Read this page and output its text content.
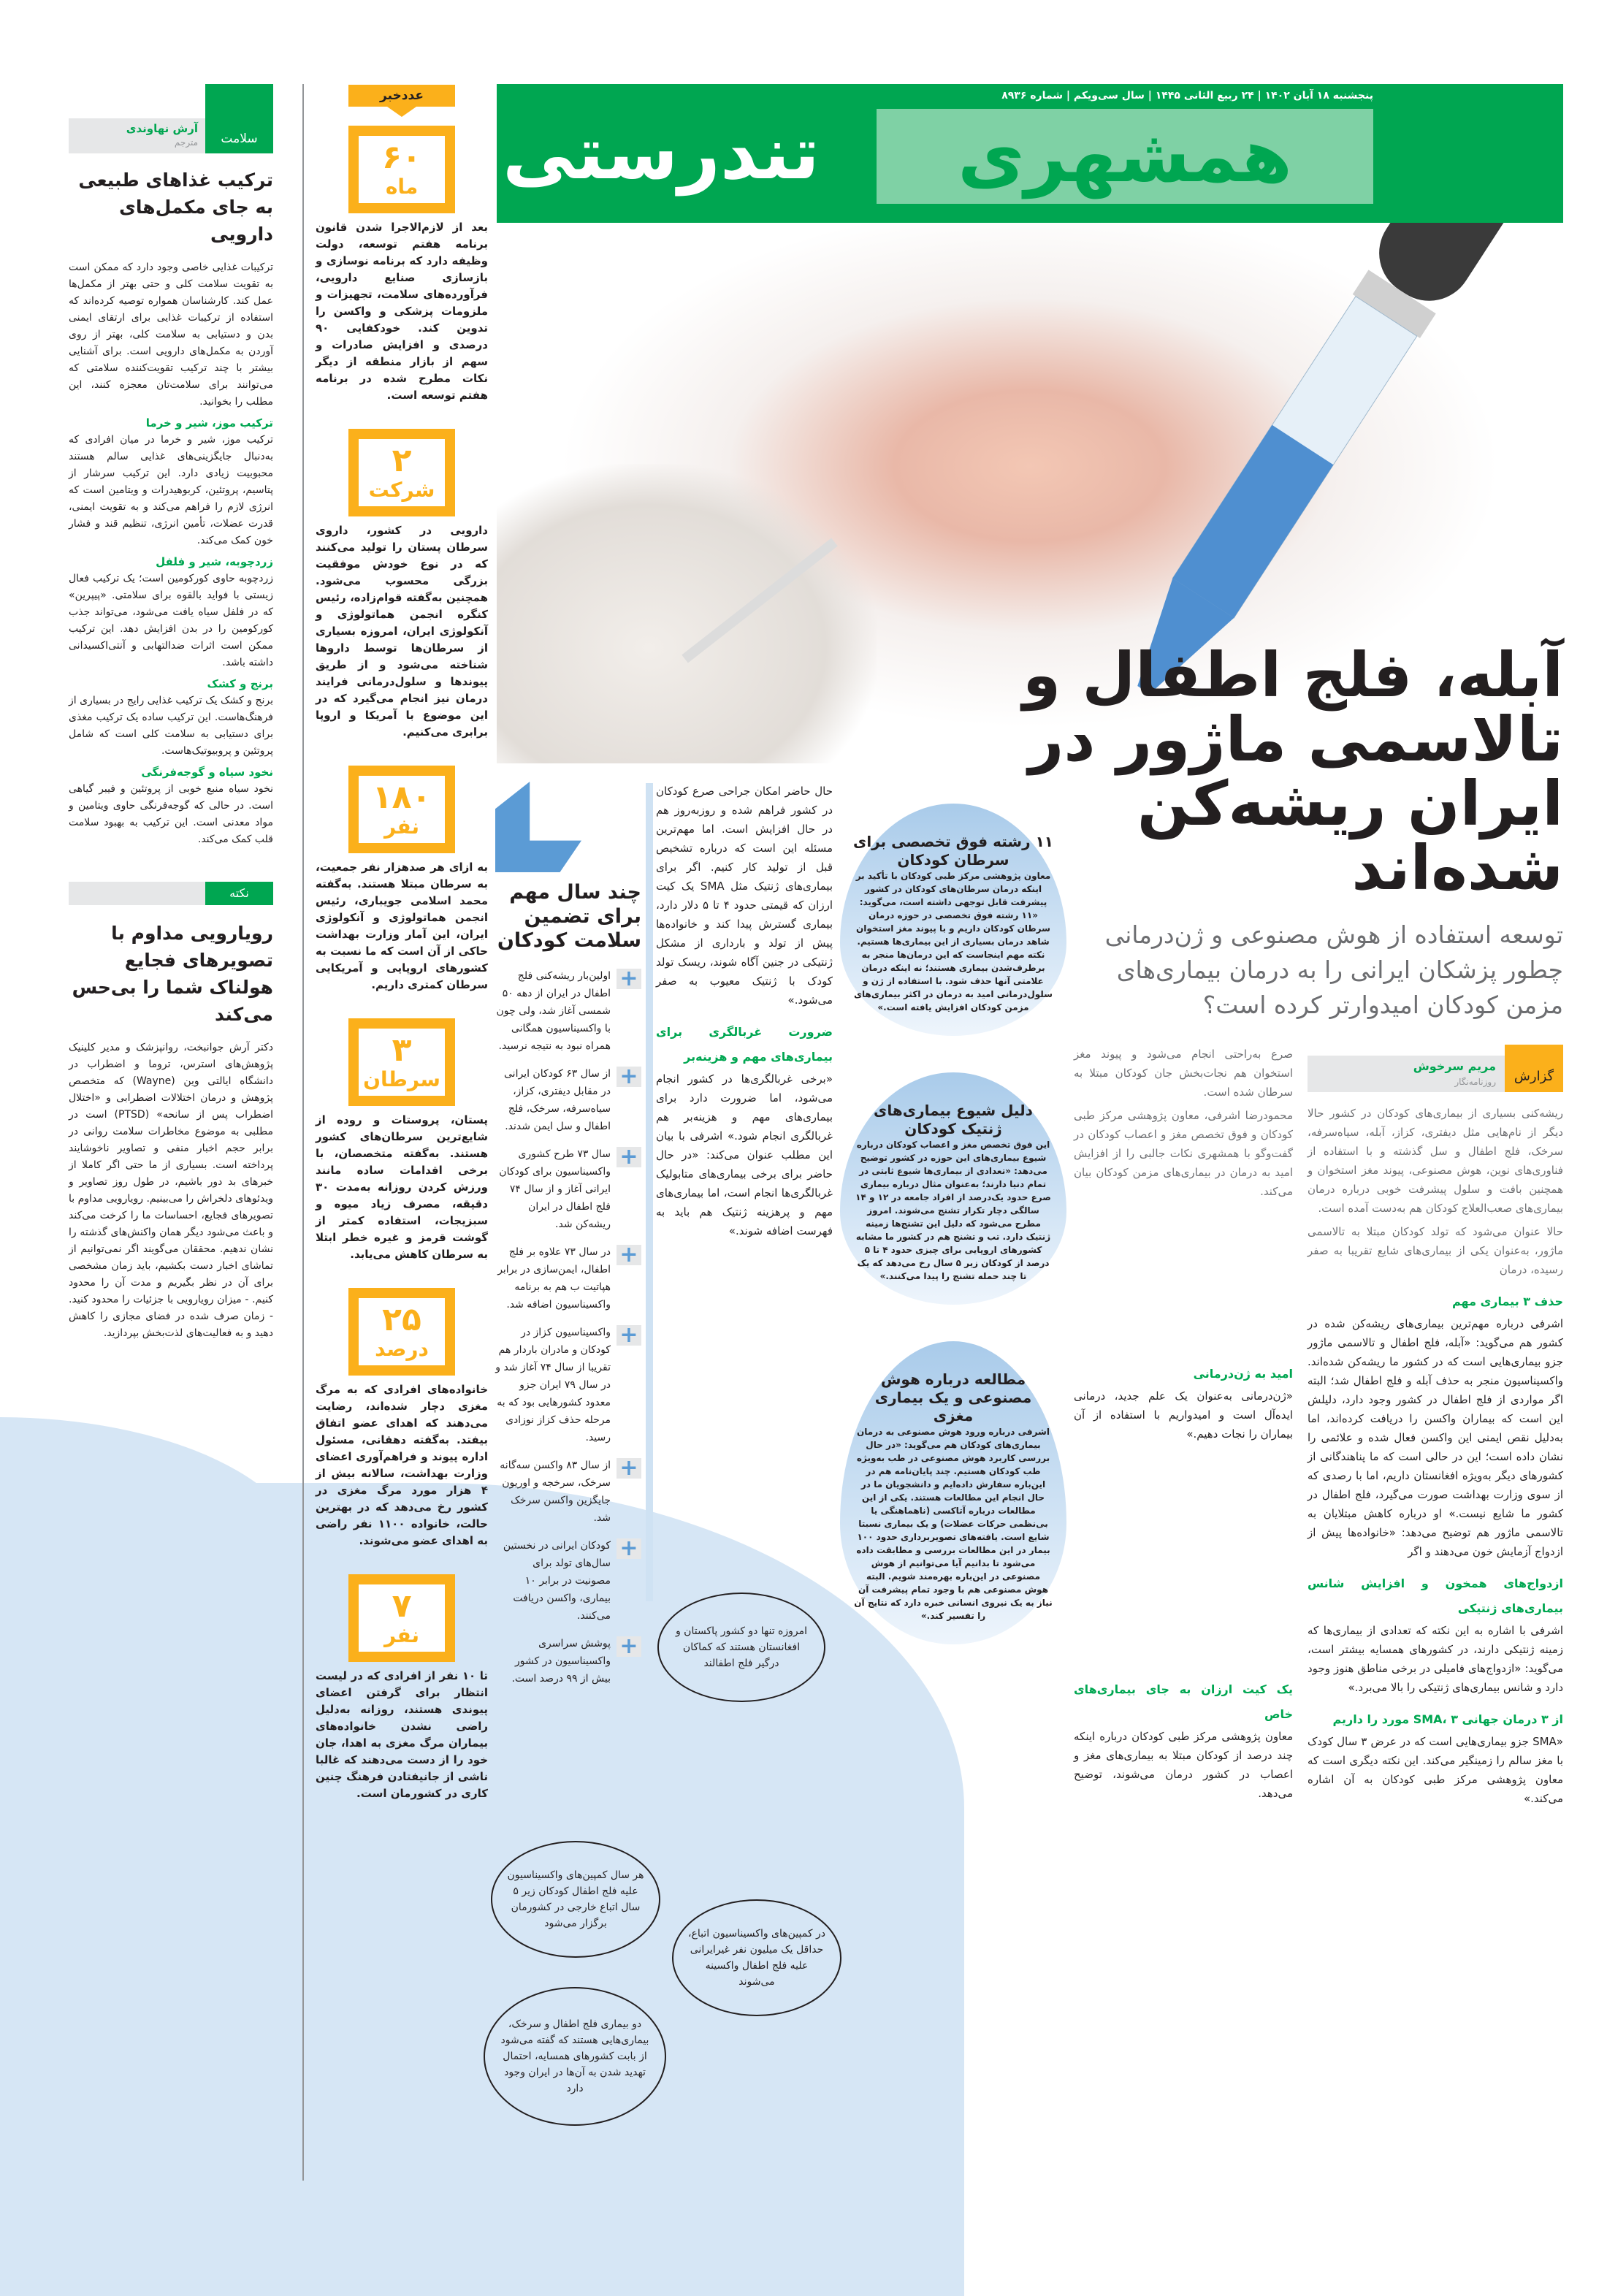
سلامت
آرش نهاوندی
مترجم
ترکیب غذاهای طبیعی به جای مکمل‌های دارویی

ترکیبات غذایی خاصی وجود دارد که ممکن است به تقویت سلامت کلی و حتی بهتر از مکمل‌ها عمل کند. کارشناسان همواره توصیه کرده‌اند که استفاده از ترکیبات غذایی برای ارتقای ایمنی بدن و دستیابی به سلامت کلی، بهتر از روی آوردن به مکمل‌های دارویی است. برای آشنایی بیشتر با چند ترکیب تقویت‌کننده سلامتی که می‌توانند برای سلامت‌تان معجزه کنند، این مطلب را بخوانید.

ترکیب موز، شیر و خرما

ترکیب موز، شیر و خرما در میان افرادی که به‌دنبال جایگزینی‌های غذایی سالم هستند محبوبیت زیادی دارد. این ترکیب سرشار از پتاسیم، پروتئین، کربوهیدرات و ویتامین است که انرژی لازم را فراهم می‌کند و به تقویت ایمنی، قدرت عضلات، تأمین انرژی، تنظیم قند و فشار خون کمک می‌کند.

زردچوبه، شیر و فلفل

زردچوبه حاوی کورکومین است؛ یک ترکیب فعال زیستی با فواید بالقوه برای سلامتی. «پیپرین» که در فلفل سیاه یافت می‌شود، می‌تواند جذب کورکومین را در بدن افزایش دهد. این ترکیب ممکن است اثرات ضدالتهابی و آنتی‌اکسیدانی داشته باشد.

برنج و کشک

برنج و کشک یک ترکیب غذایی رایج در بسیاری از فرهنگ‌هاست. این ترکیب ساده یک ترکیب مغذی برای دستیابی به سلامت کلی است که شامل پروتئین و پروبیوتیک‌هاست.

نخود سیاه و گوجه‌فرنگی

نخود سیاه منبع خوبی از پروتئین و فیبر گیاهی است. در حالی که گوجه‌فرنگی حاوی ویتامین و مواد معدنی است. این ترکیب به بهبود سلامت قلب کمک می‌کند.

نکته
رویارویی مداوم با تصویرهای فجایع هولناک شما را بی‌حس می‌کند

دکتر آرش جوانبخت، روانپزشک و مدیر کلینیک پژوهش‌های استرس، تروما و اضطراب در دانشگاه ایالتی وین (Wayne) که متخصص پژوهش و درمان اختلالات اضطرابی و «اختلال اضطراب پس از سانحه» (PTSD) است در مطلبی به موضوع مخاطرات سلامت روانی در برابر حجم اخبار منفی و تصاویر ناخوشایند پرداخته است. بسیاری از ما حتی اگر کاملا از خبرهای بد دور باشیم، در طول روز تصاویر و ویدئوهای دلخراش را می‌بینیم. رویارویی مداوم با تصویرهای فجایع، احساسات ما را کرخت می‌کند و باعث می‌شود دیگر همان واکنش‌های گذشته را نشان ندهیم. محققان می‌گویند اگر نمی‌توانیم از تماشای اخبار دست بکشیم، باید زمان مشخصی برای آن در نظر بگیریم و مدت آن را محدود کنیم. - میزان رویارویی با جزئیات را محدود کنید. - زمان صرف شده در فضای مجازی را کاهش دهید و به فعالیت‌های لذت‌بخش بپردازید.

عددخبر
۶۰
ماه
بعد از لازم‌الاجرا شدن قانون برنامه هفتم توسعه، دولت وظیفه دارد که برنامه نوسازی و بازسازی صنایع دارویی، فرآورده‌های سلامت، تجهیزات و ملزومات پزشکی و واکسن را تدوین کند. خودکفایی ۹۰ درصدی و افزایش صادرات و سهم از بازار منطقه از دیگر نکات مطرح شده در برنامه هفتم توسعه است.
۲
شرکت
دارویی در کشور، داروی سرطان پستان را تولید می‌کنند که در نوع خودش موفقیت بزرگی محسوب می‌شود. همچنین به‌گفته قوام‌زاده، رئیس کنگره انجمن هماتولوژی و آنکولوژی ایران، امروزه بسیاری از سرطان‌ها توسط داروها شناخته می‌شود و از طریق پیوندها و سلول‌درمانی فرایند درمان نیز انجام می‌گیرد که در این موضوع با آمریکا و اروپا برابری می‌کنیم.
۱۸۰
نفر
به ازای هر صدهزار نفر جمعیت، به سرطان مبتلا هستند. به‌گفته محمد اسلامی جویباری، رئیس انجمن هماتولوژی و آنکولوژی ایران، این آمار وزارت بهداشت حاکی از آن است که ما نسبت به کشورهای اروپایی و آمریکایی سرطان کمتری داریم.
۳
سرطان
پستان، پروستات و روده از شایع‌ترین سرطان‌های کشور هستند. به‌گفته متخصصان، با برخی اقدامات ساده مانند ورزش کردن روزانه به‌مدت ۳۰ دقیقه، مصرف زیاد میوه و سبزیجات، استفاده کمتر از گوشت قرمز و غیره خطر ابتلا به سرطان کاهش می‌یابد.
۲۵
درصد
خانواده‌های افرادی که به مرگ مغزی دچار شده‌اند، رضایت می‌دهند که اهدای عضو اتفاق بیفتد. به‌گفته دهقانی، مسئول اداره پیوند و فراهم‌آوری اعضای وزارت بهداشت، سالانه بیش از ۴ هزار مورد مرگ مغزی در کشور رخ می‌دهد که در بهترین حالت، خانواده ۱۱۰۰ نفر راضی به اهدای عضو می‌شوند.
۷
نفر
تا ۱۰ نفر از افرادی که در لیست انتظار برای گرفتن اعضای پیوندی هستند، روزانه به‌دلیل راضی نشدن خانواده‌های بیماران مرگ مغزی به اهدا، جان خود را از دست می‌دهند که غالبا ناشی از جانیفتادن فرهنگ چنین کاری در کشورمان است.
پنجشنبه ۱۸ آبان ۱۴۰۲ | ۲۴ ربیع الثانی ۱۴۴۵ | سال سی‌ویکم | شماره ۸۹۳۶
همشهری
تندرستی
آبله، فلج اطفال و تالاسمی ماژور در ایران ریشه‌کن شده‌اند
توسعه استفاده از هوش مصنوعی و ژن‌درمانی چطور پزشکان ایرانی را به درمان بیماری‌های مزمن کودکان امیدوار‌تر کرده است؟
گزارش
مریم سرخوش
روزنامه‌نگار

ریشه‌کنی بسیاری از بیماری‌های کودکان در کشور حالا دیگر از نام‌هایی مثل دیفتری، کزاز، آبله، سیاه‌سرفه، سرخک، فلج اطفال و سل گذشته و با استفاده از فناوری‌های نوین، هوش مصنوعی، پیوند مغز استخوان و همچنین بافت و سلول پیشرفت خوبی درباره درمان بیماری‌های صعب‌العلاج کودکان هم به‌دست آمده است.

حالا عنوان می‌شود که تولد کودکان مبتلا به تالاسمی ماژور، به‌عنوان یکی از بیماری‌های شایع تقریبا به صفر رسیده، درمان

حذف ۳ بیماری مهم

اشرفی درباره مهم‌ترین بیماری‌های ریشه‌کن شده در کشور هم می‌گوید: «آبله، فلج اطفال و تالاسمی ماژور جزو بیماری‌هایی است که در کشور ما ریشه‌کن شده‌اند. واکسیناسیون منجر به حذف آبله و فلج اطفال شد؛ البته اگر مواردی از فلج اطفال در کشور وجود دارد، دلیلش این است که بیماران واکسن را دریافت کرده‌اند، اما به‌دلیل نقص ایمنی این واکسن فعال شده و علائمی را نشان داده است؛ این در حالی است که ما پناهندگانی از کشورهای دیگر به‌ویژه افغانستان داریم، اما با رصدی که از سوی وزارت بهداشت صورت می‌گیرد، فلج اطفال در کشور ما شایع نیست.» او درباره کاهش مبتلایان به تالاسمی ماژور هم توضیح می‌دهد: «خانواده‌ها پیش از ازدواج آزمایش خون می‌دهند و اگر

ازدواج‌های همخون و افزایش شانس بیماری‌های ژنتیکی

اشرفی با اشاره به این نکته که تعدادی از بیماری‌ها که زمینه ژنتیکی دارند، در کشورهای همسایه بیشتر است، می‌گوید: «ازدواج‌های فامیلی در برخی مناطق هنوز وجود دارد و شانس بیماری‌های ژنتیکی را بالا می‌برد.»

از ۳ درمان جهانی SMA، ۳ مورد را داریم

«SMA جزو بیماری‌هایی است که در عرض ۳ سال کودک با مغز سالم را زمینگیر می‌کند. این نکته دیگری است که معاون پژوهشی مرکز طبی کودکان به آن اشاره می‌کند.»

صرع به‌راحتی انجام می‌شود و پیوند مغز استخوان هم نجات‌بخش جان کودکان مبتلا به سرطان شده است.

محمودرضا اشرفی، معاون پژوهشی مرکز طبی کودکان و فوق تخصص مغز و اعصاب کودکان در گفت‌وگو با همشهری نکات جالبی را از افزایش امید به درمان در بیماری‌های مزمن کودکان بیان می‌کند.

امید به ژن‌درمانی

«ژن‌درمانی به‌عنوان یک علم جدید، درمانی ایده‌آل است و امیدواریم با استفاده از آن بیماران را نجات دهیم.»

یک کیت ارزان به جای بیماری‌های خاص

معاون پژوهشی مرکز طبی کودکان درباره اینکه چند درصد از کودکان مبتلا به بیماری‌های مغز و اعصاب در کشور درمان می‌شوند، توضیح می‌دهد.

حال حاضر امکان جراحی صرع کودکان در کشور فراهم شده و روزبه‌روز هم در حال افزایش است. اما مهم‌ترین مسئله این است که درباره تشخیص قبل از تولید کار کنیم. اگر برای بیماری‌های ژنتیک مثل SMA یک کیت ارزان که قیمتی حدود ۴ تا ۵ دلار دارد، بیماری گسترش پیدا کند و خانواده‌ها پیش از تولد و بارداری از مشکل ژنتیکی در جنین آگاه شوند، ریسک تولد کودک با ژنتیک معیوب به صفر می‌شود.»

ضرورت غربالگری برای بیماری‌های مهم و هزینه‌بر

«برخی غربالگری‌ها در کشور انجام می‌شود، اما ضرورت دارد برای بیماری‌های مهم و هزینه‌بر هم غربالگری انجام شود.» اشرفی با بیان این مطلب عنوان می‌کند: «در حال حاضر برای برخی بیماری‌های متابولیک غربالگری‌ها انجام است، اما بیماری‌های مهم و پرهزینه ژنتیک هم باید به فهرست اضافه شوند.»

۱۱ رشته فوق تخصصی برای سرطان کودکان
معاون پژوهشی مرکز طبی کودکان با تأکید بر اینکه درمان سرطان‌های کودکان در کشور پیشرفت قابل توجهی داشته است، می‌گوید: «۱۱ رشته فوق تخصصی در حوزه درمان سرطان کودکان داریم و با پیوند مغز استخوان شاهد درمان بسیاری از این بیماری‌ها هستیم. نکته مهم اینجاست که این درمان‌ها منجر به برطرف‌شدن بیماری هستند؛ نه اینکه درمان علامتی آنها حذف شود. با استفاده از ژن و سلول‌درمانی امید به درمان در اکثر بیماری‌های مزمن کودکان افزایش یافته است.»
دلیل شیوع بیماری‌های ژنتیک کودکان
این فوق تخصص مغز و اعصاب کودکان درباره شیوع بیماری‌های این حوزه در کشور توضیح می‌دهد: «تعدادی از بیماری‌ها شیوع ثابتی در تمام دنیا دارند؛ به‌عنوان مثال درباره بیماری صرع حدود یک‌درصد از افراد جامعه در ۱۲ و ۱۴ سالگی دچار تکرار تشنج می‌شوند. امروز مطرح می‌شود که دلیل این تشنج‌ها زمینه ژنتیک دارد. تب و تشنج هم در کشور ما مشابه کشورهای اروپایی برای چیزی حدود ۴ تا ۵ درصد از کودکان زیر ۵ سال رخ می‌دهد که یک تا چند حمله تشنج را پیدا می‌کنند.»
مطالعه درباره هوش مصنوعی و یک بیماری مغزی
اشرفی درباره ورود هوش مصنوعی به درمان بیماری‌های کودکان هم می‌گوید: «در حال بررسی کاربرد هوش مصنوعی در طب به‌ویژه طب کودکان هستیم. چند پایان‌نامه هم در این‌باره سفارش داده‌ایم و دانشجویان ما در حال انجام این مطالعات هستند. یکی از این مطالعات درباره آتاکسی (ناهماهنگی یا بی‌نظمی حرکات عضلات) و یک بیماری نسبتا شایع است. یافته‌های تصویربرداری حدود ۱۰۰ بیمار در این مطالعات بررسی و مطابقت داده می‌شود تا بدانیم آیا می‌توانیم از هوش مصنوعی در این‌باره بهره‌مند شویم. البته هوش مصنوعی هم با وجود تمام پیشرفت آن نیاز به یک نیروی انسانی خبره دارد که نتایج آن را تفسیر کند.»
چند سال مهم برای تضمین سلامت کودکان
+
اولین‌بار ریشه‌کنی فلج اطفال در ایران از دهه ۵۰ شمسی آغاز شد، ولی چون با واکسیناسیون همگانی همراه نبود به نتیجه نرسید.
+
از سال ۶۳ کودکان ایرانی در مقابل دیفتری، کزاز، سیاه‌سرفه، سرخک، فلج اطفال و سل ایمن شدند.
+
سال ۷۳ طرح کشوری واکسیناسیون برای کودکان ایرانی آغاز و از سال ۷۴ فلج اطفال در ایران ریشه‌کن شد.
+
در سال ۷۳ علاوه بر فلج اطفال، ایمن‌سازی در برابر هپاتیت ب هم به برنامه واکسیناسیون اضافه شد.
+
واکسیناسیون کزاز در کودکان و مادران باردار هم تقریبا از سال ۷۴ آغاز شد و در سال ۷۹ ایران جزو معدود کشورهایی بود که به مرحله حذف کزاز نوزادی رسید.
+
از سال ۸۳ واکسن سه‌گانه سرخک، سرخجه و اوریون جایگزین واکسن سرخک شد.
+
کودکان ایرانی در نخستین سال‌های تولد برای مصونیت در برابر ۱۰ بیماری، واکسن دریافت می‌کنند.
+
پوشش سراسری واکسیناسیون در کشور بیش از ۹۹ درصد است.
امروزه تنها دو کشور پاکستان و افغانستان هستند که کماکان درگیر فلج اطفالند
هر سال کمپین‌های واکسیناسیون علیه فلج اطفال کودکان زیر ۵ سال اتباع خارجی در کشورمان برگزار می‌شود
در کمپین‌های واکسیناسیون اتباع، حداقل یک میلیون نفر غیرایرانی علیه فلج اطفال واکسینه می‌شوند
دو بیماری فلج اطفال و سرخک، بیماری‌هایی هستند که گفته می‌شود از بابت کشورهای همسایه، احتمال تهدید شدن به آن‌ها در ایران وجود دارد
